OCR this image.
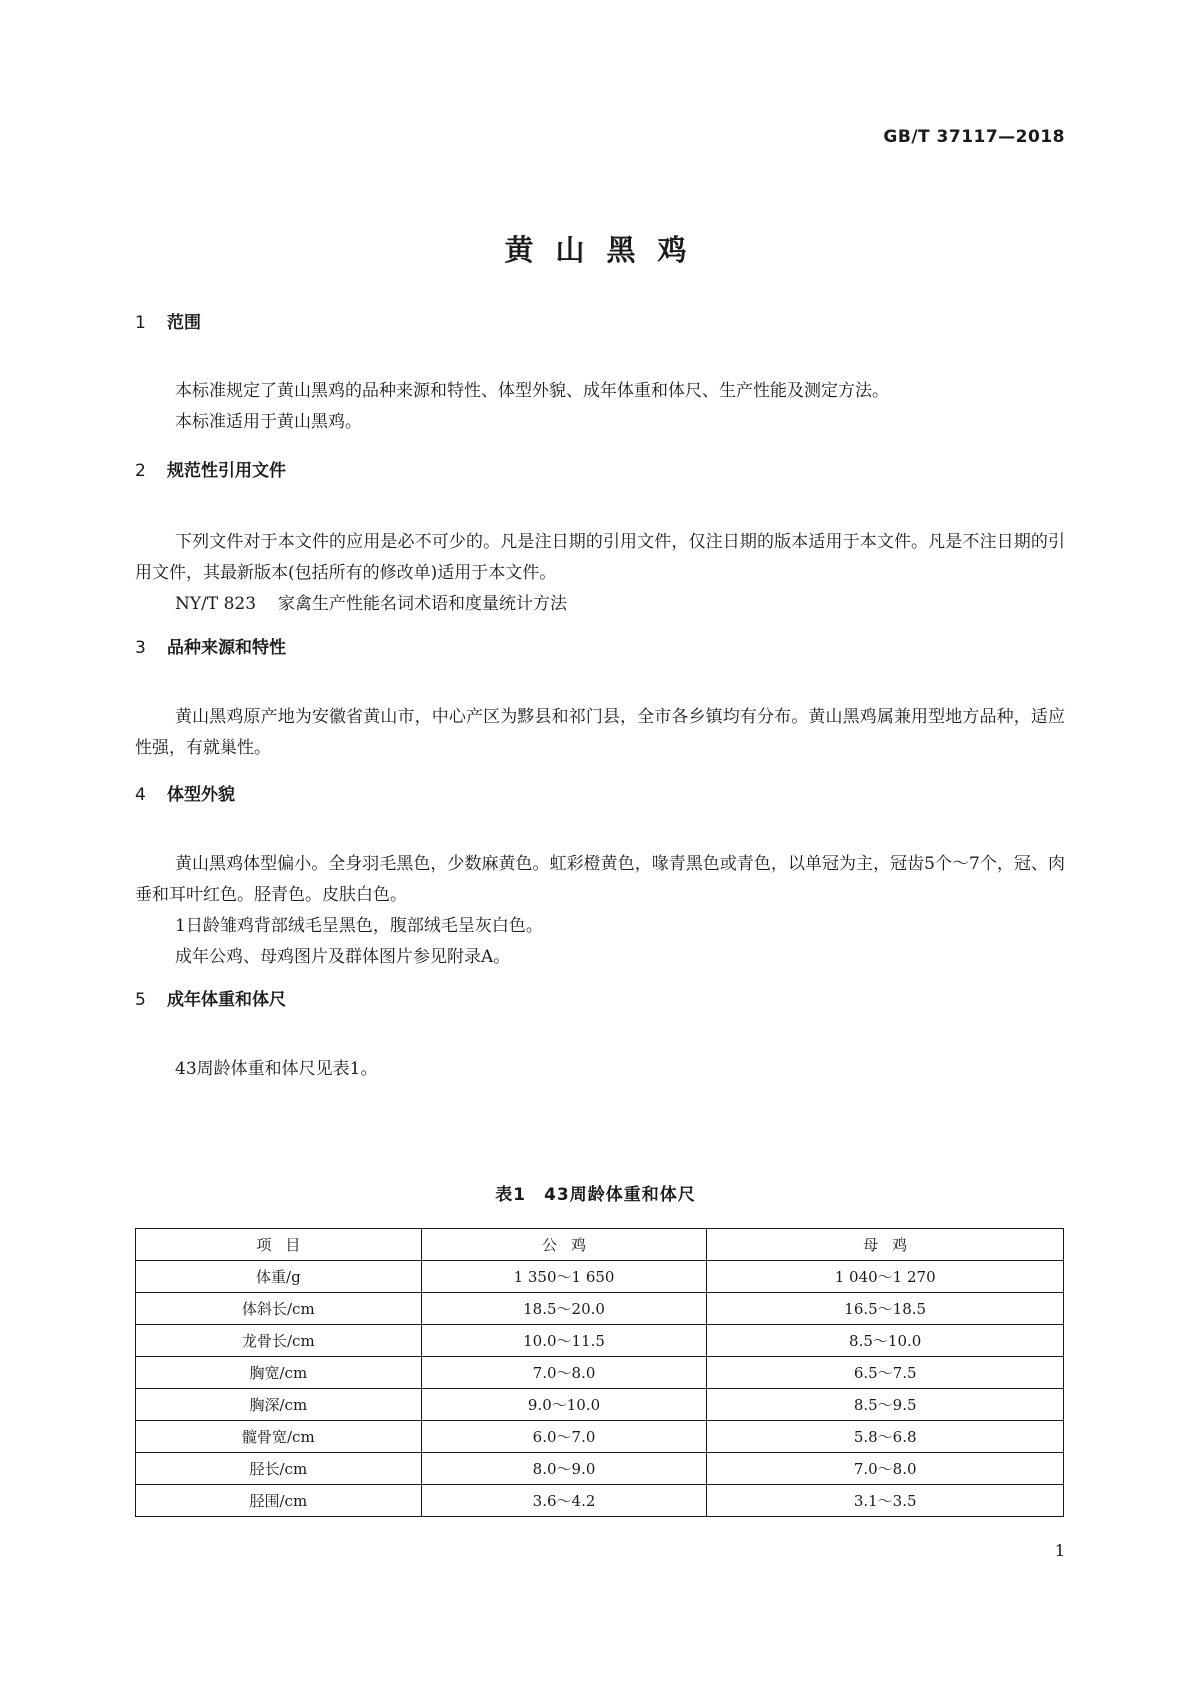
GB/T 37117—2018
黄山黑鸡
1 范围

本标准规定了黄山黑鸡的品种来源和特性、体型外貌、成年体重和体尺、生产性能及测定方法。

本标准适用于黄山黑鸡。

2 规范性引用文件

下列文件对于本文件的应用是必不可少的。凡是注日期的引用文件，仅注日期的版本适用于本文件。凡是不注日期的引用文件，其最新版本(包括所有的修改单)适用于本文件。

NY/T 823 家禽生产性能名词术语和度量统计方法

3 品种来源和特性

黄山黑鸡原产地为安徽省黄山市，中心产区为黟县和祁门县，全市各乡镇均有分布。黄山黑鸡属兼用型地方品种，适应性强，有就巢性。

4 体型外貌

黄山黑鸡体型偏小。全身羽毛黑色，少数麻黄色。虹彩橙黄色，喙青黑色或青色，以单冠为主，冠齿5个～7个，冠、肉垂和耳叶红色。胫青色。皮肤白色。

1日龄雏鸡背部绒毛呈黑色，腹部绒毛呈灰白色。

成年公鸡、母鸡图片及群体图片参见附录A。

5 成年体重和体尺

43周龄体重和体尺见表1。

表1　43周龄体重和体尺
项目	公鸡	母鸡
体重/g	1 350～1 650	1 040～1 270
体斜长/cm	18.5～20.0	16.5～18.5
龙骨长/cm	10.0～11.5	8.5～10.0
胸宽/cm	7.0～8.0	6.5～7.5
胸深/cm	9.0～10.0	8.5～9.5
髋骨宽/cm	6.0～7.0	5.8～6.8
胫长/cm	8.0～9.0	7.0～8.0
胫围/cm	3.6～4.2	3.1～3.5
1
